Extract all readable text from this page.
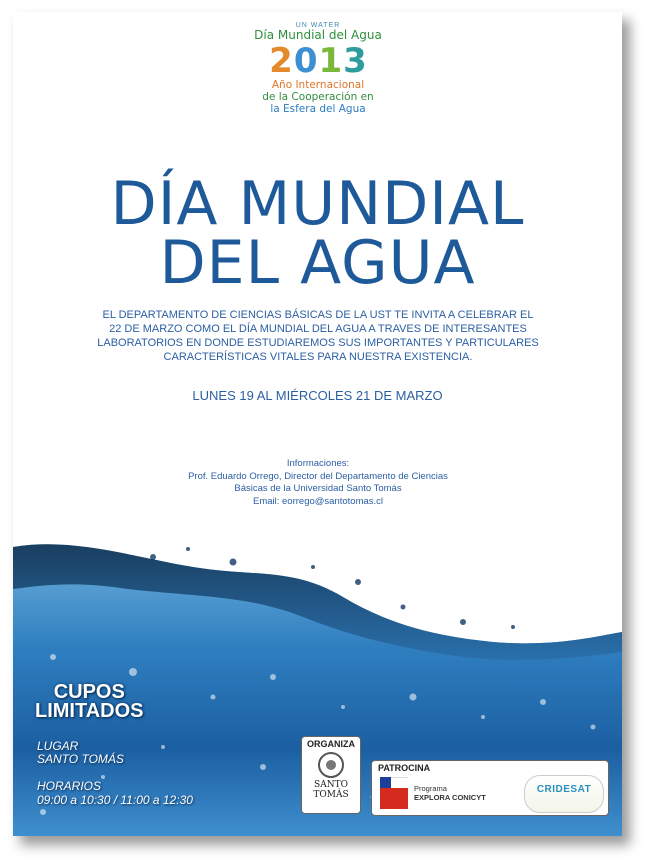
UN WATER
Día Mundial del Agua
2 0 1 3
Año Internacional
de la Cooperación en
la Esfera del Agua
DÍA MUNDIAL
DEL AGUA
EL DEPARTAMENTO DE CIENCIAS BÁSICAS DE LA UST TE INVITA A CELEBRAR EL
22 DE MARZO COMO EL DÍA MUNDIAL DEL AGUA A TRAVES DE INTERESANTES
LABORATORIOS EN DONDE ESTUDIAREMOS SUS IMPORTANTES Y PARTICULARES
CARACTERÍSTICAS VITALES PARA NUESTRA EXISTENCIA.
LUNES 19 AL MIÉRCOLES 21 DE MARZO
Informaciones:
Prof. Eduardo Orrego, Director del Departamento de Ciencias
Básicas de la Universidad Santo Tomás
Email: eorrego@santotomas.cl
CUPOS
LIMITADOS
LUGAR
SANTO TOMÁS
HORARIOS
09:00 a 10:30 / 11:00 a 12:30
ORGANIZA
SANTO
TOMÁS
PATROCINA
Programa
EXPLORA CONICYT
CRIDESAT
